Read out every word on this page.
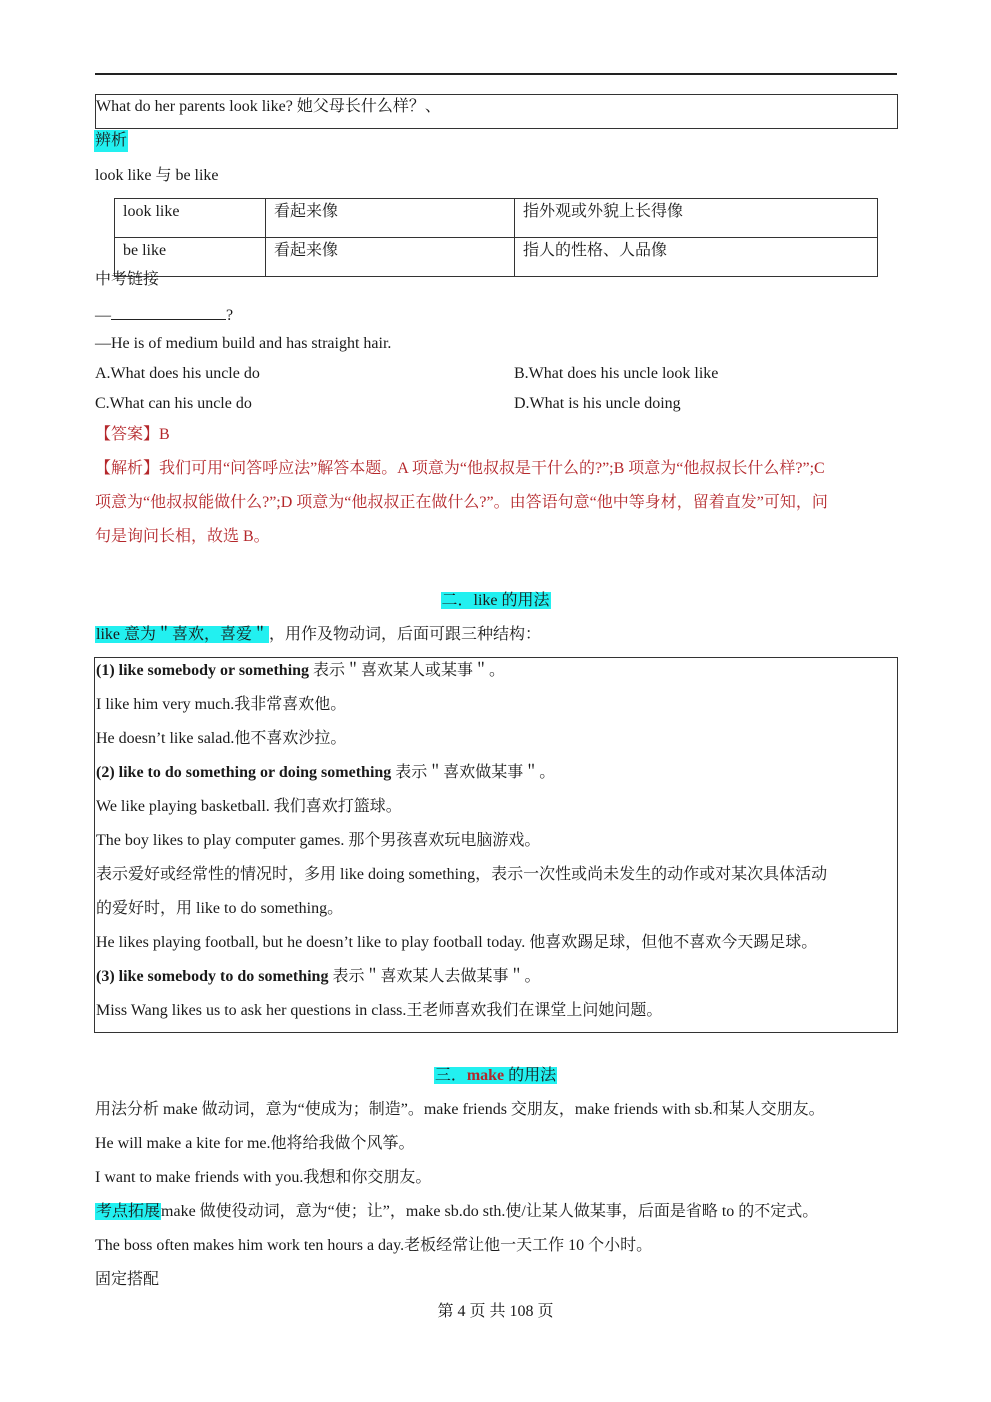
What do her parents look like? 她父母长什么样？、
辨析
look like 与 be like
look like	看起来像	指外观或外貌上长得像
be like	看起来像	指人的性格、人品像
中考链接
—	?
—He is of medium build and has straight hair.
A.What does his uncle do	B.What does his uncle look like
C.What can his uncle do	D.What is his uncle doing
【答案】B
【解析】我们可用“问答呼应法”解答本题。A 项意为“他叔叔是干什么的?”;B 项意为“他叔叔长什么样?”;C
项意为“他叔叔能做什么?”;D 项意为“他叔叔正在做什么?”。由答语句意“他中等身材，留着直发”可知，问
句是询问长相，故选 B。
二．like 的用法
like 意为＂喜欢，喜爱＂，用作及物动词，后面可跟三种结构：
(1) like somebody or something 表示＂喜欢某人或某事＂。
I like him very much.我非常喜欢他。
He doesn’t like salad.他不喜欢沙拉。
(2) like to do something or doing something 表示＂喜欢做某事＂。
We like playing basketball. 我们喜欢打篮球。
The boy likes to play computer games. 那个男孩喜欢玩电脑游戏。
表示爱好或经常性的情况时，多用 like doing something，表示一次性或尚未发生的动作或对某次具体活动
的爱好时，用 like to do something。
He likes playing football, but he doesn’t like to play football today. 他喜欢踢足球，但他不喜欢今天踢足球。
(3) like somebody to do something 表示＂喜欢某人去做某事＂。
Miss Wang likes us to ask her questions in class.王老师喜欢我们在课堂上问她问题。
三．make 的用法
用法分析 make 做动词，意为“使成为；制造”。make friends 交朋友，make friends with sb.和某人交朋友。
He will make a kite for me.他将给我做个风筝。
I want to make friends with you.我想和你交朋友。
考点拓展make 做使役动词，意为“使；让”，make sb.do sth.使/让某人做某事，后面是省略 to 的不定式。
The boss often makes him work ten hours a day.老板经常让他一天工作 10 个小时。
固定搭配
第 4 页 共 108 页
